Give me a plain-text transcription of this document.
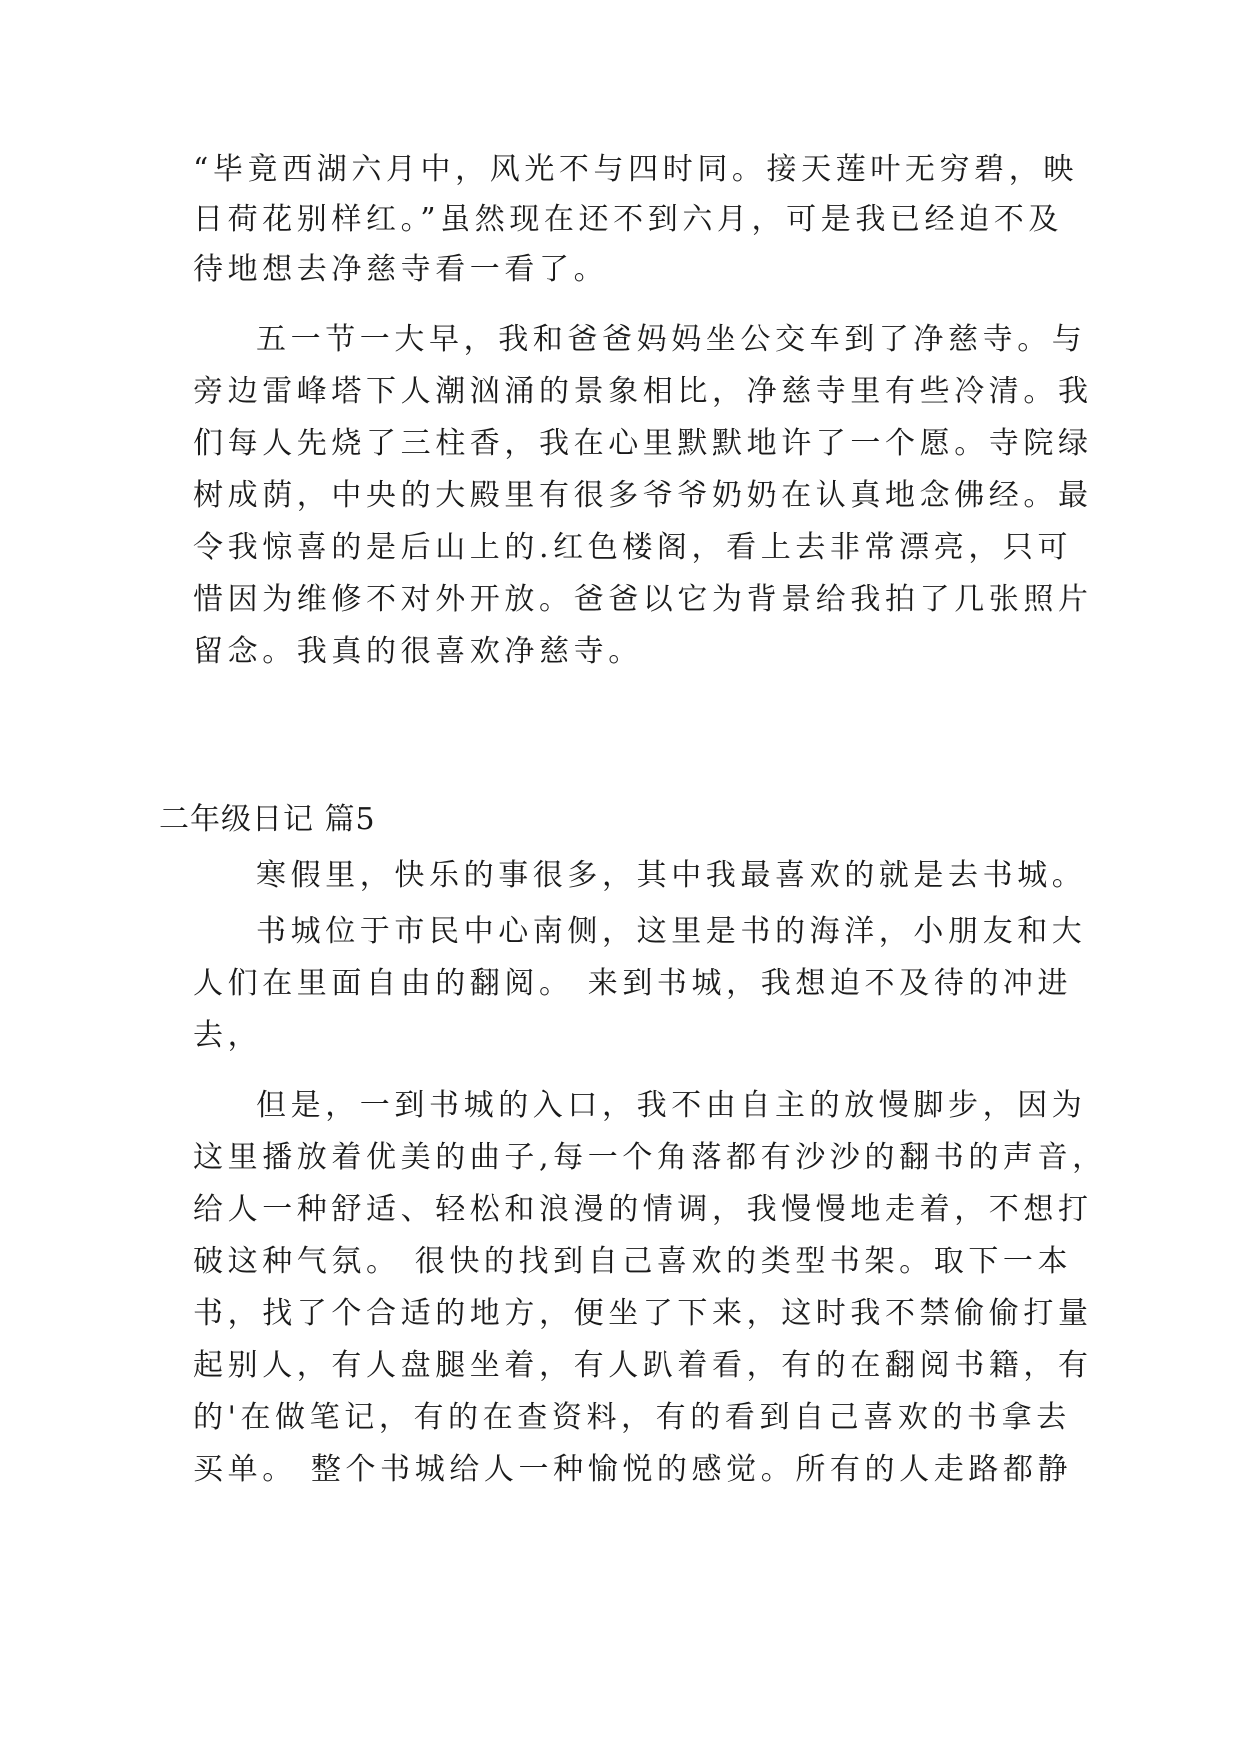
“毕竟西湖六月中，风光不与四时同。接天莲叶无穷碧，映
日荷花别样红。”虽然现在还不到六月，可是我已经迫不及
待地想去净慈寺看一看了。
五一节一大早，我和爸爸妈妈坐公交车到了净慈寺。与
旁边雷峰塔下人潮汹涌的景象相比，净慈寺里有些冷清。我
们每人先烧了三柱香，我在心里默默地许了一个愿。寺院绿
树成荫，中央的大殿里有很多爷爷奶奶在认真地念佛经。最
令我惊喜的是后山上的.红色楼阁，看上去非常漂亮，只可
惜因为维修不对外开放。爸爸以它为背景给我拍了几张照片
留念。我真的很喜欢净慈寺。
二年级日记 篇5
寒假里，快乐的事很多，其中我最喜欢的就是去书城。
书城位于市民中心南侧，这里是书的海洋，小朋友和大
人们在里面自由的翻阅。 来到书城，我想迫不及待的冲进
去，
但是，一到书城的入口，我不由自主的放慢脚步，因为
这里播放着优美的曲子,每一个角落都有沙沙的翻书的声音，
给人一种舒适、轻松和浪漫的情调，我慢慢地走着，不想打
破这种气氛。 很快的找到自己喜欢的类型书架。取下一本
书，找了个合适的地方，便坐了下来，这时我不禁偷偷打量
起别人，有人盘腿坐着，有人趴着看，有的在翻阅书籍，有
的'在做笔记，有的在查资料，有的看到自己喜欢的书拿去
买单。 整个书城给人一种愉悦的感觉。所有的人走路都静
